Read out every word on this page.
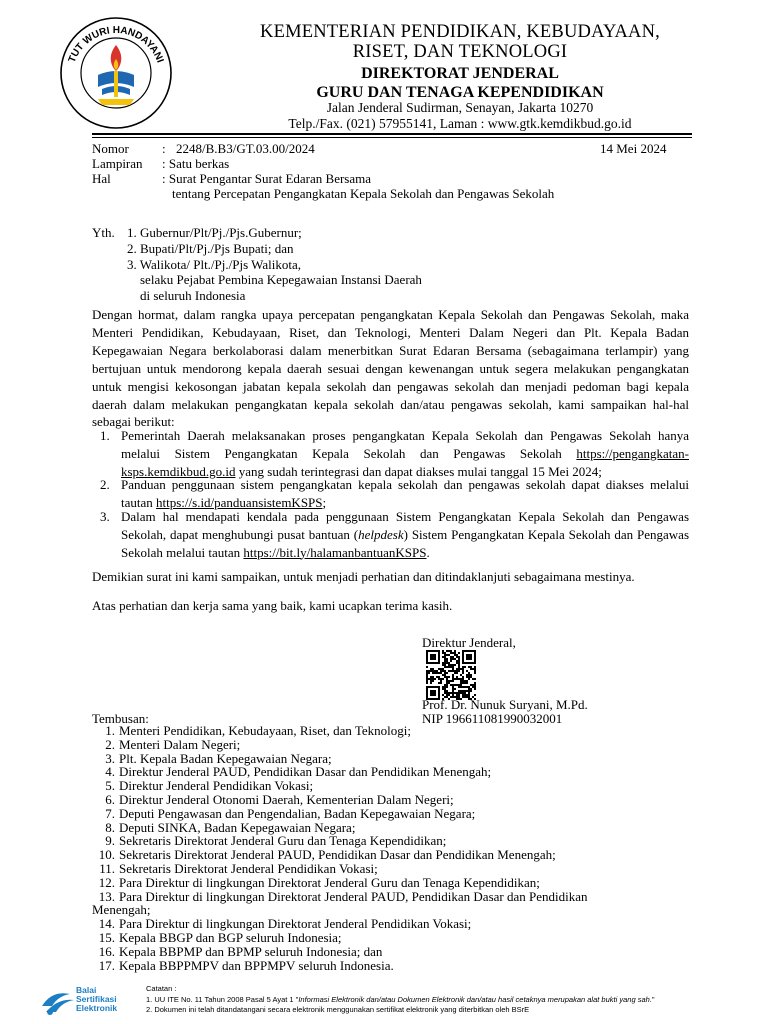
TUT WURI HANDAYANI
KEMENTERIAN PENDIDIKAN, KEBUDAYAAN,
RISET, DAN TEKNOLOGI
DIREKTORAT JENDERAL
GURU DAN TENAGA KEPENDIDIKAN
Jalan Jenderal Sudirman, Senayan, Jakarta 10270
Telp./Fax. (021) 57955141, Laman : www.gtk.kemdikbud.go.id
Nomor	: 2248/B.B3/GT.03.00/2024	14 Mei 2024
Lampiran : Satu berkas
Hal	: Surat Pengantar Surat Edaran Bersama
tentang Percepatan Pengangkatan Kepala Sekolah dan Pengawas Sekolah
Yth. 1. Gubernur/Plt/Pj./Pjs.Gubernur;
2. Bupati/Plt/Pj./Pjs Bupati; dan
3. Walikota/ Plt./Pj./Pjs Walikota,
selaku Pejabat Pembina Kepegawaian Instansi Daerah
di seluruh Indonesia
Dengan hormat, dalam rangka upaya percepatan pengangkatan Kepala Sekolah dan Pengawas Sekolah, maka Menteri Pendidikan, Kebudayaan, Riset, dan Teknologi, Menteri Dalam Negeri dan Plt. Kepala Badan Kepegawaian Negara berkolaborasi dalam menerbitkan Surat Edaran Bersama (sebagaimana terlampir) yang bertujuan untuk mendorong kepala daerah sesuai dengan kewenangan untuk segera melakukan pengangkatan untuk mengisi kekosongan jabatan kepala sekolah dan pengawas sekolah dan menjadi pedoman bagi kepala daerah dalam melakukan pengangkatan kepala sekolah dan/atau pengawas sekolah, kami sampaikan hal-hal sebagai berikut:
1. Pemerintah Daerah melaksanakan proses pengangkatan Kepala Sekolah dan Pengawas Sekolah hanya melalui Sistem Pengangkatan Kepala Sekolah dan Pengawas Sekolah https://pengangkatan-ksps.kemdikbud.go.id yang sudah terintegrasi dan dapat diakses mulai tanggal 15 Mei 2024;
2. Panduan penggunaan sistem pengangkatan kepala sekolah dan pengawas sekolah dapat diakses melalui tautan https://s.id/panduansistemKSPS;
3. Dalam hal mendapati kendala pada penggunaan Sistem Pengangkatan Kepala Sekolah dan Pengawas Sekolah, dapat menghubungi pusat bantuan (helpdesk) Sistem Pengangkatan Kepala Sekolah dan Pengawas Sekolah melalui tautan https://bit.ly/halamanbantuanKSPS.
Demikian surat ini kami sampaikan, untuk menjadi perhatian dan ditindaklanjuti sebagaimana mestinya.
Atas perhatian dan kerja sama yang baik, kami ucapkan terima kasih.
Direktur Jenderal,
Prof. Dr. Nunuk Suryani, M.Pd.
NIP 196611081990032001
Tembusan:
1. Menteri Pendidikan, Kebudayaan, Riset, dan Teknologi;
2. Menteri Dalam Negeri;
3. Plt. Kepala Badan Kepegawaian Negara;
4. Direktur Jenderal PAUD, Pendidikan Dasar dan Pendidikan Menengah;
5. Direktur Jenderal Pendidikan Vokasi;
6. Direktur Jenderal Otonomi Daerah, Kementerian Dalam Negeri;
7. Deputi Pengawasan dan Pengendalian, Badan Kepegawaian Negara;
8. Deputi SINKA, Badan Kepegawaian Negara;
9. Sekretaris Direktorat Jenderal Guru dan Tenaga Kependidikan;
10. Sekretaris Direktorat Jenderal PAUD, Pendidikan Dasar dan Pendidikan Menengah;
11. Sekretaris Direktorat Jenderal Pendidikan Vokasi;
12. Para Direktur di lingkungan Direktorat Jenderal Guru dan Tenaga Kependidikan;
13. Para Direktur di lingkungan Direktorat Jenderal PAUD, Pendidikan Dasar dan Pendidikan
Menengah;
14. Para Direktur di lingkungan Direktorat Jenderal Pendidikan Vokasi;
15. Kepala BBGP dan BGP seluruh Indonesia;
16. Kepala BBPMP dan BPMP seluruh Indonesia; dan
17. Kepala BBPPMPV dan BPPMPV seluruh Indonesia.
Balai
Sertifikasi
Elektronik
Catatan :
1. UU ITE No. 11 Tahun 2008 Pasal 5 Ayat 1 "Informasi Elektronik dan/atau Dokumen Elektronik dan/atau hasil cetaknya merupakan alat bukti yang sah."
2. Dokumen ini telah ditandatangani secara elektronik menggunakan sertifikat elektronik yang diterbitkan oleh BSrE
